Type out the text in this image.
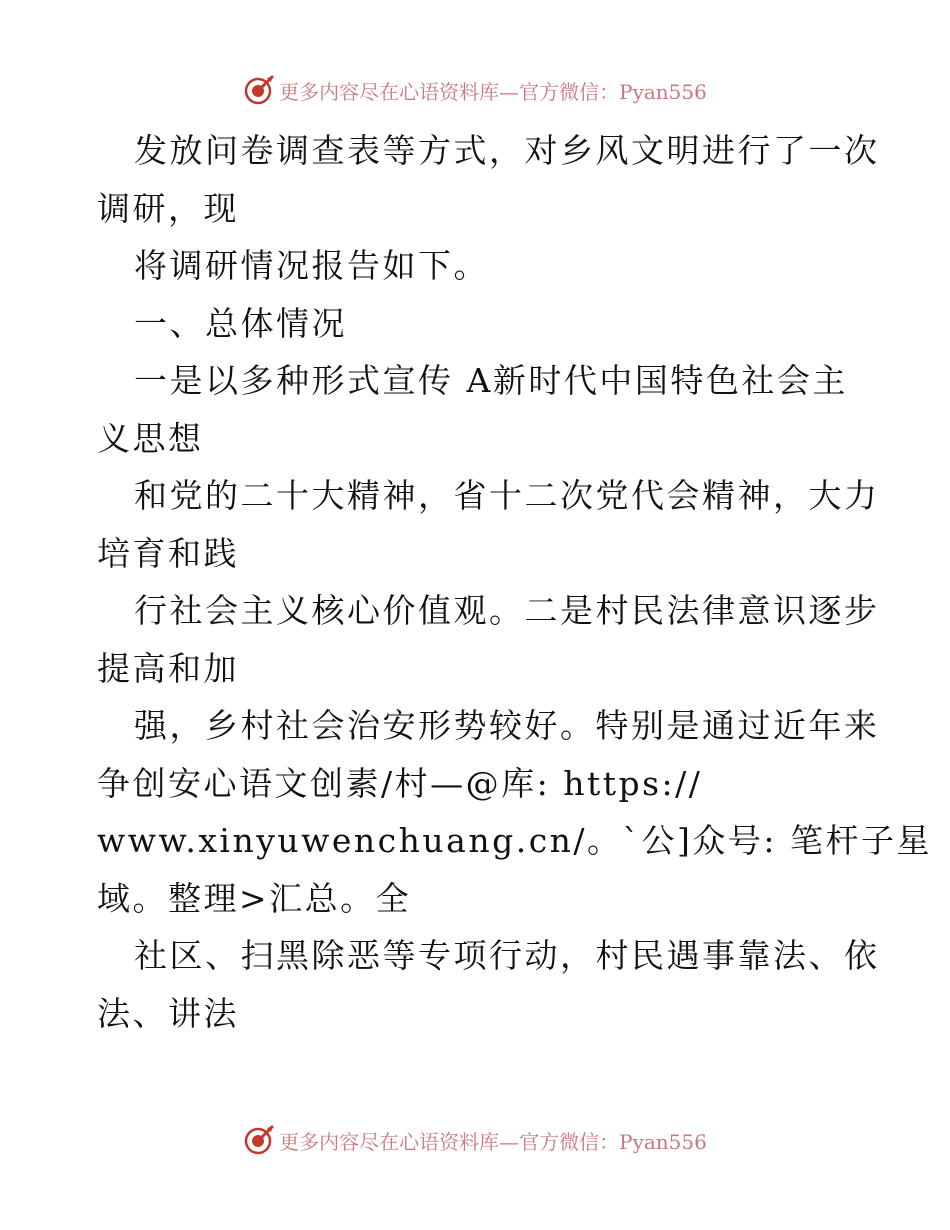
更多内容尽在心语资料库—官方微信：Pyan556
发放问卷调查表等方式，对乡风文明进行了一次
调研，现
将调研情况报告如下。
一、总体情况
一是以多种形式宣传 A新时代中国特色社会主
义思想
和党的二十大精神，省十二次党代会精神，大力
培育和践
行社会主义核心价值观。二是村民法律意识逐步
提高和加
强，乡村社会治安形势较好。特别是通过近年来
争创安心语文创素/村—@库: https://
www.xinyuwenchuang.cn/。`公]众号: 笔杆子星
域。整理>汇总。全
社区、扫黑除恶等专项行动，村民遇事靠法、依
法、讲法
更多内容尽在心语资料库—官方微信：Pyan556
